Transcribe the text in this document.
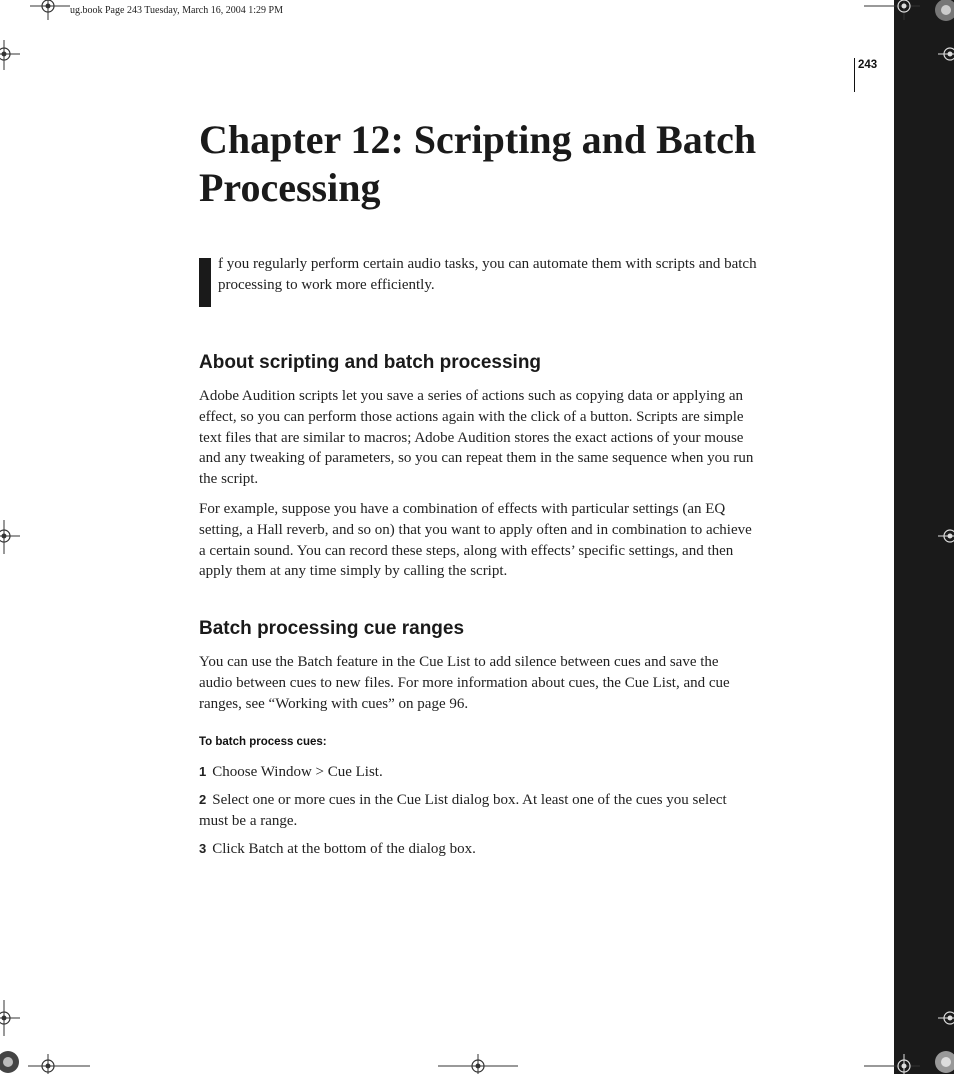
ug.book Page 243 Tuesday, March 16, 2004 1:29 PM
243
Chapter 12: Scripting and Batch Processing

f you regularly perform certain audio tasks, you can automate them with scripts and batch processing to work more efficiently.

About scripting and batch processing

Adobe Audition scripts let you save a series of actions such as copying data or applying an effect, so you can perform those actions again with the click of a button. Scripts are simple text files that are similar to macros; Adobe Audition stores the exact actions of your mouse and any tweaking of parameters, so you can repeat them in the same sequence when you run the script.

For example, suppose you have a combination of effects with particular settings (an EQ setting, a Hall reverb, and so on) that you want to apply often and in combination to achieve a certain sound. You can record these steps, along with effects’ specific settings, and then apply them at any time simply by calling the script.

Batch processing cue ranges

You can use the Batch feature in the Cue List to add silence between cues and save the audio between cues to new files. For more information about cues, the Cue List, and cue ranges, see “Working with cues” on page 96.

To batch process cues:

1 Choose Window > Cue List.

2 Select one or more cues in the Cue List dialog box. At least one of the cues you select must be a range.

3 Click Batch at the bottom of the dialog box.
